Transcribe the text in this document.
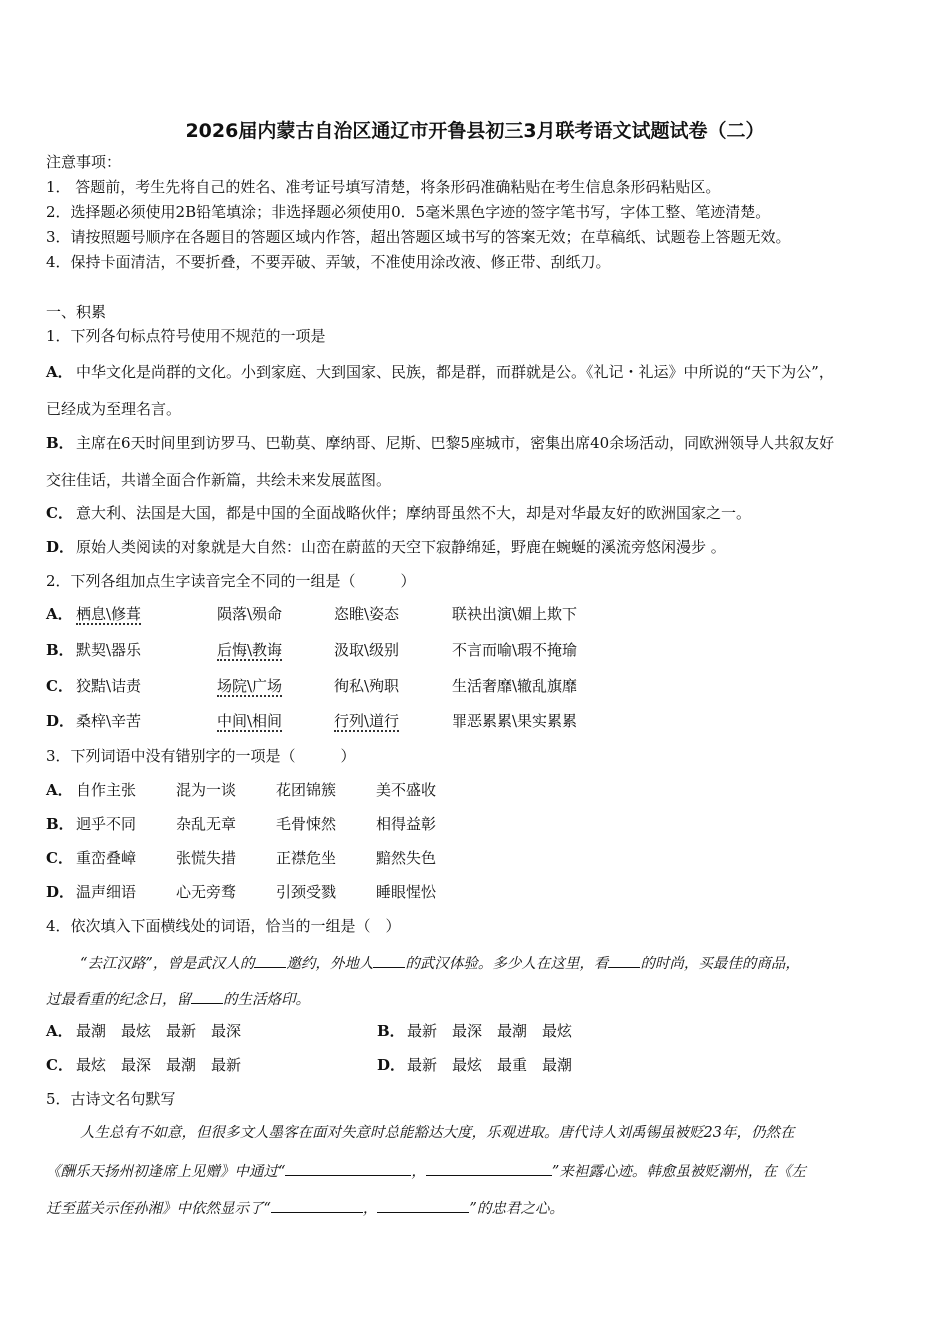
2026届内蒙古自治区通辽市开鲁县初三3月联考语文试题试卷（二）
注意事项：
1． 答题前，考生先将自己的姓名、准考证号填写清楚，将条形码准确粘贴在考生信息条形码粘贴区。
2．选择题必须使用2B铅笔填涂；非选择题必须使用0．5毫米黑色字迹的签字笔书写，字体工整、笔迹清楚。
3．请按照题号顺序在各题目的答题区域内作答，超出答题区域书写的答案无效；在草稿纸、试题卷上答题无效。
4．保持卡面清洁，不要折叠，不要弄破、弄皱，不准使用涂改液、修正带、刮纸刀。
一、积累
1．下列各句标点符号使用不规范的一项是
A． 中华文化是尚群的文化。小到家庭、大到国家、民族，都是群，而群就是公。《礼记・礼运》中所说的“天下为公”，
已经成为至理名言。
B． 主席在6天时间里到访罗马、巴勒莫、摩纳哥、尼斯、巴黎5座城市，密集出席40余场活动，同欧洲领导人共叙友好
交往佳话，共谱全面合作新篇，共绘未来发展蓝图。
C． 意大利、法国是大国，都是中国的全面战略伙伴；摩纳哥虽然不大，却是对华最友好的欧洲国家之一。
D． 原始人类阅读的对象就是大自然：山峦在蔚蓝的天空下寂静绵延，野鹿在蜿蜒的溪流旁悠闲漫步 。
2．下列各组加点生字读音完全不同的一组是（　　　）
A． 栖息\修葺	陨落\殒命	恣睢\姿态	联袂出演\媚上欺下
B． 默契\器乐	后悔\教诲	汲取\级别	不言而喻\瑕不掩瑜
C． 狡黠\诘责	场院\广场	徇私\殉职	生活奢靡\辙乱旗靡
D． 桑梓\辛苦	中间\相间	行列\道行	罪恶累累\果实累累
3．下列词语中没有错别字的一项是（　　　）
A． 自作主张	混为一谈	花团锦簇	美不盛收
B． 迥乎不同	杂乱无章	毛骨悚然	相得益彰
C． 重峦叠嶂	张慌失措	正襟危坐	黯然失色
D． 温声细语	心无旁骛	引颈受戮	睡眼惺忪
4．依次填入下面横线处的词语，恰当的一组是（　）
“去江汉路”，曾是武汉人的 邀约，外地人 的武汉体验。多少人在这里，看 的时尚，买最佳的商品，
过最看重的纪念日，留 的生活烙印。
A． 最潮　最炫　最新　最深	B． 最新　最深　最潮　最炫
C． 最炫　最深　最潮　最新	D． 最新　最炫　最重　最潮
5．古诗文名句默写
人生总有不如意，但很多文人墨客在面对失意时总能豁达大度，乐观进取。唐代诗人刘禹锡虽被贬23年，仍然在
《酬乐天扬州初逢席上见赠》中通过“	，	”来袒露心迹。韩愈虽被贬潮州，在《左
迁至蓝关示侄孙湘》中依然显示了“	，	”的忠君之心。
